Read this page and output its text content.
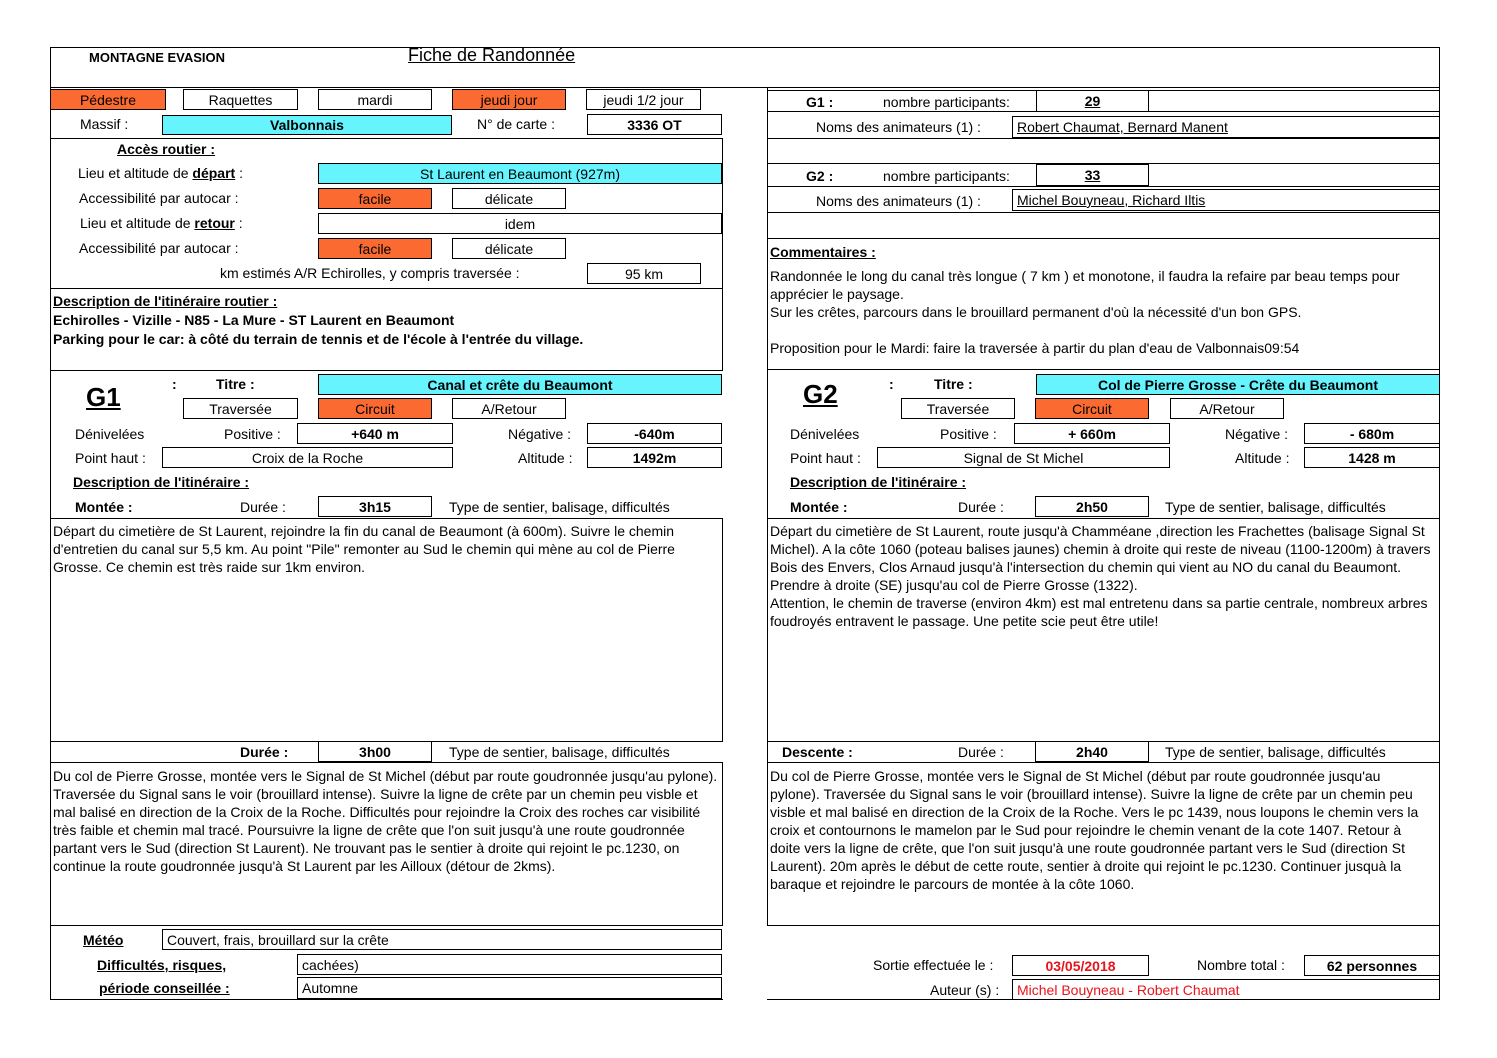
MONTAGNE EVASION	Fiche de Randonnée
Pédestre	Raquettes	mardi	jeudi jour	jeudi 1/2 jour
Massif :	Valbonnais	N° de carte :	3336 OT
Accès routier :
Lieu et altitude de départ :	St Laurent en Beaumont (927m)
Accessibilité par autocar :	facile	délicate
Lieu et altitude de retour :	idem
Accessibilité par autocar :	facile	délicate
km estimés A/R Echirolles, y compris traversée :	95 km
Description de l'itinéraire routier :
Echirolles - Vizille - N85 - La Mure - ST Laurent en Beaumont
Parking pour le car: à côté du terrain de tennis et de l'école à l'entrée du village.
G1 :	nombre participants:	29
Noms des animateurs (1) :	Robert Chaumat, Bernard Manent
G2 :	nombre participants:	33
Noms des animateurs (1) :	Michel Bouyneau, Richard Iltis
Commentaires :
Randonnée le long du canal très longue ( 7 km ) et monotone, il faudra la refaire par beau temps pour apprécier le paysage.
Sur les crêtes, parcours dans le brouillard permanent d'où la nécessité d'un bon GPS.

Proposition pour le Mardi: faire la traversée à partir du plan d'eau de Valbonnais09:54
G1	:	Titre :	Canal et crête du Beaumont
Traversée	Circuit	A/Retour
Dénivelées	Positive :	+640 m	Négative :	-640m
Point haut :	Croix de la Roche	Altitude :	1492m
Description de l'itinéraire :
Montée :	Durée :	3h15	Type de sentier, balisage, difficultés
Départ du cimetière de St Laurent, rejoindre la fin du canal de Beaumont (à 600m). Suivre le chemin d'entretien du canal sur 5,5 km. Au point "Pile" remonter au Sud le chemin qui mène au col de Pierre Grosse. Ce chemin est très raide sur 1km environ.
Durée :	3h00	Type de sentier, balisage, difficultés
Du col de Pierre Grosse, montée vers le Signal de St Michel (début par route goudronnée jusqu'au pylone). Traversée du Signal sans le voir (brouillard intense). Suivre la ligne de crête par un chemin peu visble et mal balisé en direction de la Croix de la Roche. Difficultés pour rejoindre la Croix des roches car visibilité très faible et chemin mal tracé. Poursuivre la ligne de crête que l'on suit jusqu'à une route goudronnée partant vers le Sud (direction St Laurent). Ne trouvant pas le sentier à droite qui rejoint le pc.1230, on continue la route goudronnée jusqu'à St Laurent par les Ailloux (détour de 2kms).
G2	:	Titre :	Col de Pierre Grosse - Crête du Beaumont
Traversée	Circuit	A/Retour
Dénivelées	Positive :	+ 660m	Négative :	- 680m
Point haut :	Signal de St Michel	Altitude :	1428 m
Description de l'itinéraire :
Montée :	Durée :	2h50	Type de sentier, balisage, difficultés
Départ du cimetière de St Laurent, route jusqu'à Chamméane ,direction les Frachettes (balisage Signal St Michel). A la côte 1060 (poteau balises jaunes) chemin à droite qui reste de niveau (1100-1200m) à travers Bois des Envers, Clos Arnaud jusqu'à l'intersection du chemin qui vient au NO du canal du Beaumont. Prendre à droite (SE) jusqu'au col de Pierre Grosse (1322).
Attention, le chemin de traverse (environ 4km) est mal entretenu dans sa partie centrale, nombreux arbres foudroyés entravent le passage. Une petite scie peut être utile!
Descente :	Durée :	2h40	Type de sentier, balisage, difficultés
Du col de Pierre Grosse, montée vers le Signal de St Michel (début par route goudronnée jusqu'au pylone). Traversée du Signal sans le voir (brouillard intense). Suivre la ligne de crête par un chemin peu visble et mal balisé en direction de la Croix de la Roche. Vers le pc 1439, nous loupons le chemin vers la croix et contournons le mamelon par le Sud pour rejoindre le chemin venant de la cote 1407. Retour à doite vers la ligne de crête, que l'on suit jusqu'à une route goudronnée partant vers le Sud (direction St Laurent). 20m après le début de cette route, sentier à droite qui rejoint le pc.1230. Continuer jusquà la baraque et rejoindre le parcours de montée à la côte 1060.
Météo	Couvert, frais, brouillard sur la crête
Difficultés, risques,	cachées)
période conseillée :	Automne
Sortie effectuée le :	03/05/2018	Nombre total :	62 personnes
Auteur (s) :	Michel Bouyneau - Robert Chaumat
